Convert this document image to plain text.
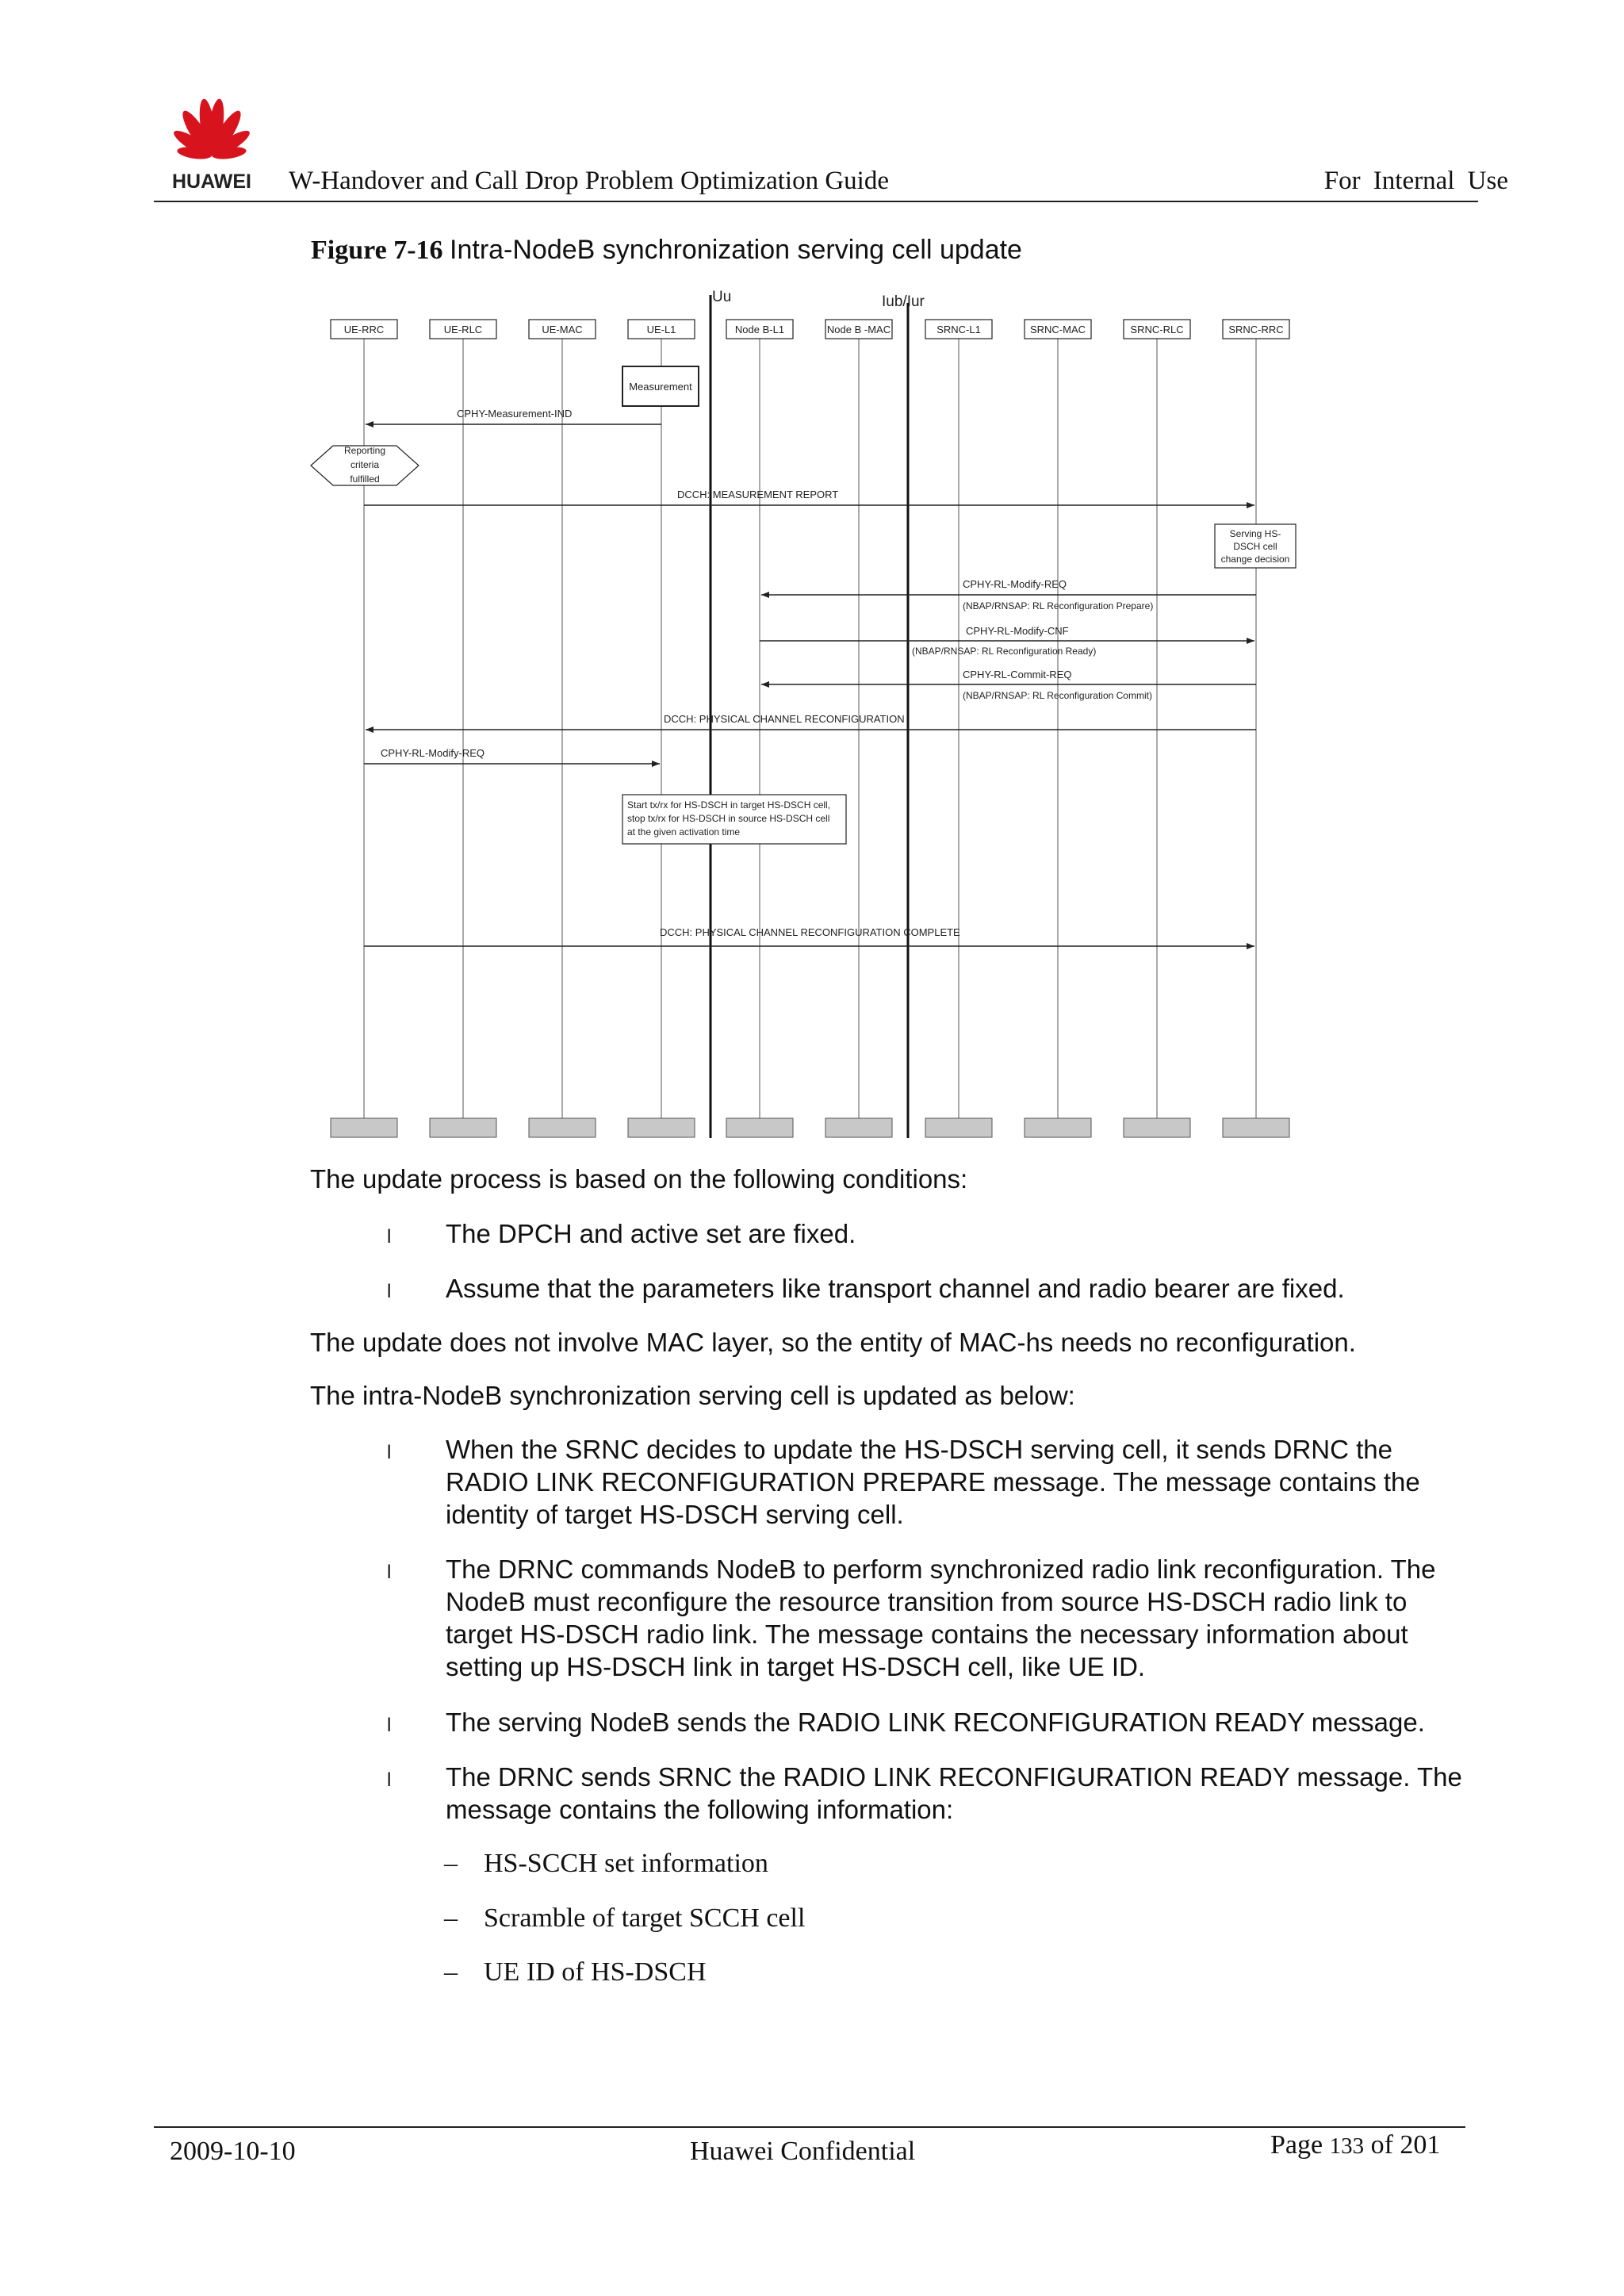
HUAWEI W-Handover and Call Drop Problem Optimization Guide	For Internal Use
Figure 7-16 Intra-NodeB synchronization serving cell update
Uu	Iub/Iur
UE-RRC	UE-RLC	UE-MAC	UE-L1	Node B-L1	Node B -MAC	SRNC-L1	SRNC-MAC	SRNC-RLC	SRNC-RRC
Measurement
Reporting
criteria
fulfilled
Serving HS-
DSCH cell
change decision
Start tx/rx for HS-DSCH in target HS-DSCH cell,
stop tx/rx for HS-DSCH in source HS-DSCH cell
at the given activation time
CPHY-Measurement-IND
DCCH: MEASUREMENT REPORT
CPHY-RL-Modify-REQ
(NBAP/RNSAP: RL Reconfiguration Prepare)
CPHY-RL-Modify-CNF
(NBAP/RNSAP: RL Reconfiguration Ready)
CPHY-RL-Commit-REQ
(NBAP/RNSAP: RL Reconfiguration Commit)
DCCH: PHYSICAL CHANNEL RECONFIGURATION
CPHY-RL-Modify-REQ
DCCH: PHYSICAL CHANNEL RECONFIGURATION COMPLETE
The update process is based on the following conditions:
l	The DPCH and active set are fixed.
l	Assume that the parameters like transport channel and radio bearer are fixed.
The update does not involve MAC layer, so the entity of MAC-hs needs no reconfiguration.
The intra-NodeB synchronization serving cell is updated as below:
l	When the SRNC decides to update the HS-DSCH serving cell, it sends DRNC the RADIO LINK RECONFIGURATION PREPARE message. The message contains the identity of target HS-DSCH serving cell.
l	The DRNC commands NodeB to perform synchronized radio link reconfiguration. The NodeB must reconfigure the resource transition from source HS-DSCH radio link to target HS-DSCH radio link. The message contains the necessary information about setting up HS-DSCH link in target HS-DSCH cell, like UE ID.
l	The serving NodeB sends the RADIO LINK RECONFIGURATION READY message.
l	The DRNC sends SRNC the RADIO LINK RECONFIGURATION READY message. The message contains the following information:
– HS-SCCH set information
– Scramble of target SCCH cell
– UE ID of HS-DSCH
2009-10-10	Huawei Confidential	Page 133 of 201
